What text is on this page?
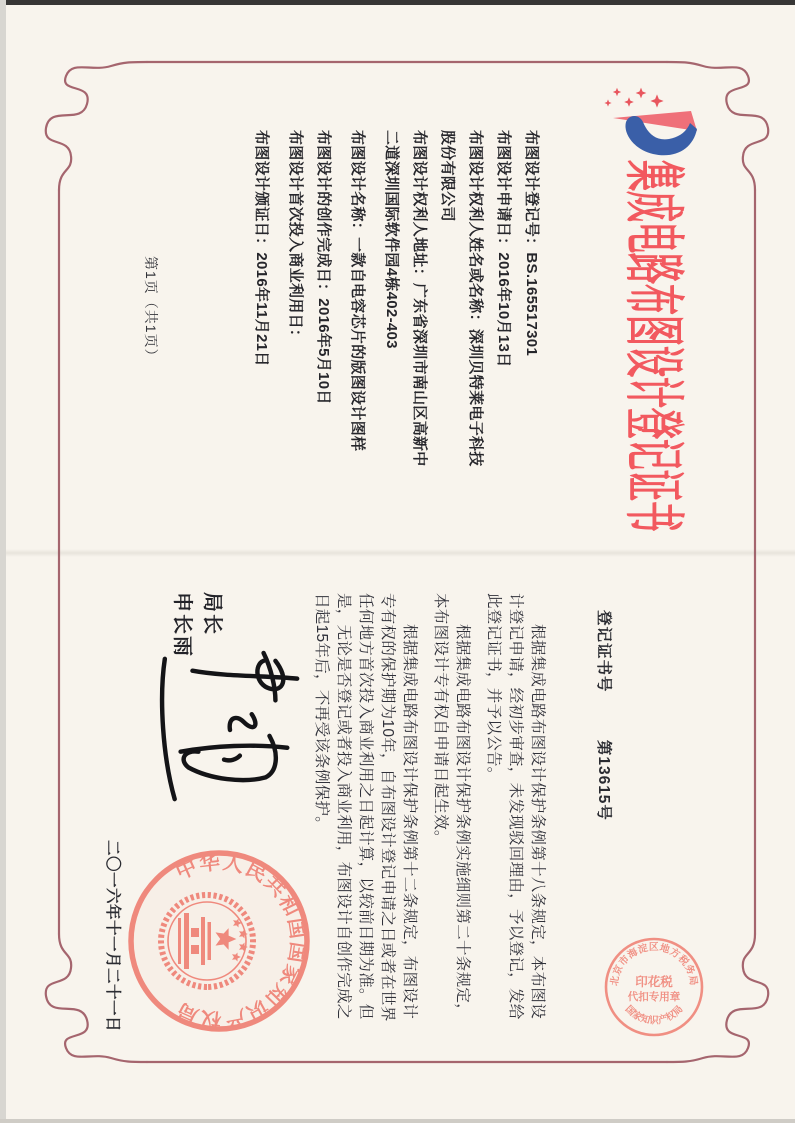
集成电路布图设计登记证书
布图设计登记号：BS.165517301
布图设计申请日：2016年10月13日
布图设计权利人姓名或名称：深圳贝特莱电子科技
股份有限公司
布图设计权利人地址：广东省深圳市南山区高新中
二道深圳国际软件园4栋402-403
布图设计名称：一款自电容芯片的版图设计图样
布图设计的创作完成日：2016年5月10日
布图设计首次投入商业利用日：
布图设计颁证日：2016年11月21日
第1页（共1页）
登记证书号 第13615号
根据集成电路布图设计保护条例第十八条规定，本布图设
计登记申请，经初步审查，未发现驳回理由，予以登记，发给
此登记证书，并予以公告。
根据集成电路布图设计保护条例实施细则第二十条规定，
本布图设计专有权自申请日起生效。
根据集成电路布图设计保护条例第十二条规定，布图设计
专有权的保护期为10年，自布图设计登记申请之日或者在世界
任何地方首次投入商业利用之日起计算，以较前日期为准。但
是，无论是否登记或者投入商业利用，布图设计自创作完成之
日起15年后，不再受该条例保护。
局长
申长雨
中华人民共和国国家知识产权局
二〇一六年十一月二十一日	北京市海淀区地方税务局
国家知识产权局
印花税
代扣专用章
